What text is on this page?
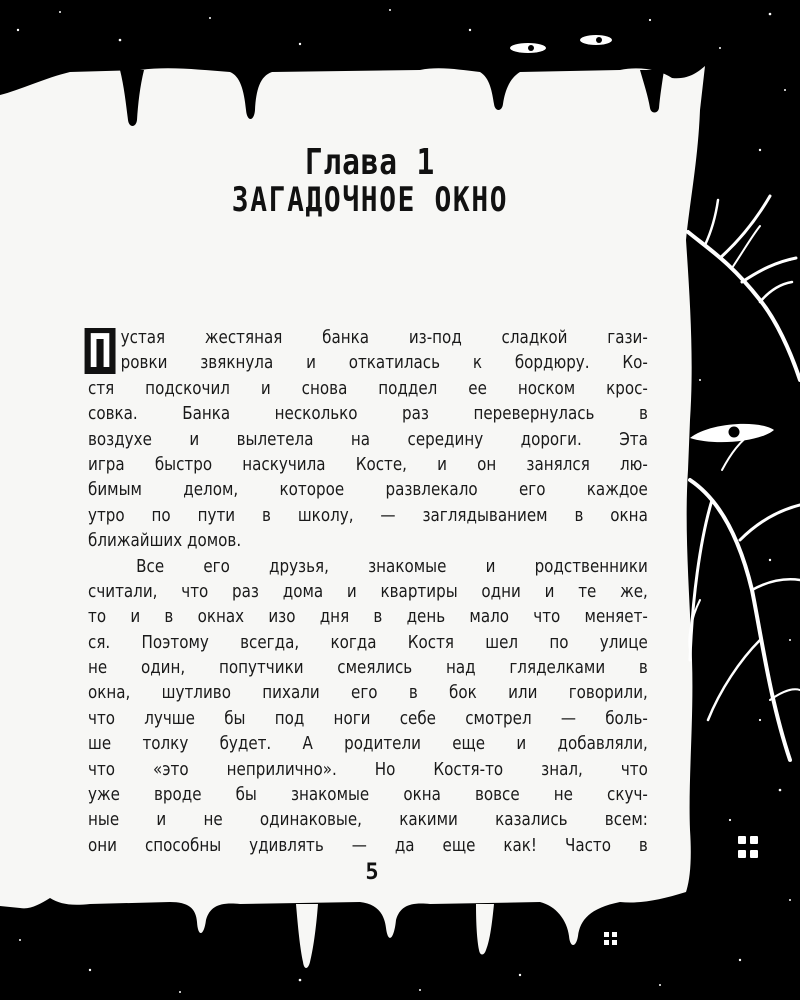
Глава 1
ЗАГАДОЧНОЕ ОКНО
П устая жестяная банка из-под сладкой гази-
ровки звякнула и откатилась к бордюру. Ко-
стя подскочил и снова поддел ее носком крос-
совка. Банка несколько раз перевернулась в
воздухе и вылетела на середину дороги. Эта
игра быстро наскучила Косте, и он занялся лю-
бимым делом, которое развлекало его каждое
утро по пути в школу, — заглядыванием в окна
ближайших домов.
Все его друзья, знакомые и родственники
считали, что раз дома и квартиры одни и те же,
то и в окнах изо дня в день мало что меняет-
ся. Поэтому всегда, когда Костя шел по улице
не один, попутчики смеялись над гляделками в
окна, шутливо пихали его в бок или говорили,
что лучше бы под ноги себе смотрел — боль-
ше толку будет. А родители еще и добавляли,
что «это неприлично». Но Костя-то знал, что
уже вроде бы знакомые окна вовсе не скуч-
ные и не одинаковые, какими казались всем:
они способны удивлять — да еще как! Часто в
5
